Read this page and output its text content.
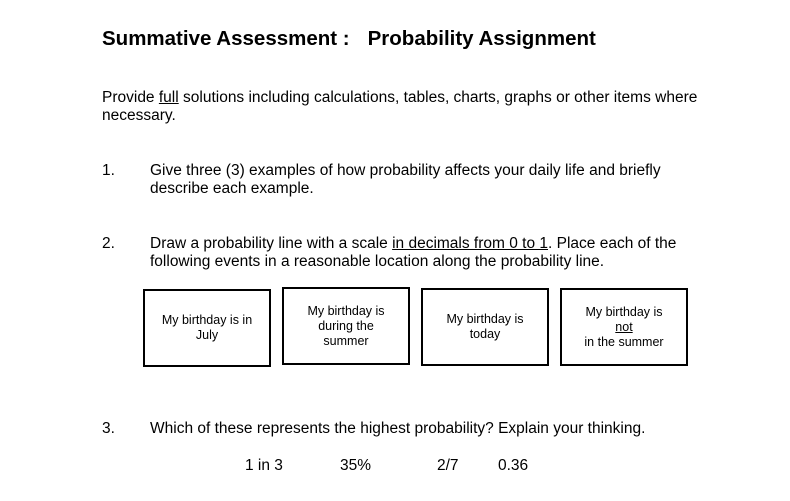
Summative Assessment : Probability Assignment
Provide full solutions including calculations, tables, charts, graphs or other items where necessary.
1. Give three (3) examples of how probability affects your daily life and briefly describe each example.
2. Draw a probability line with a scale in decimals from 0 to 1. Place each of the following events in a reasonable location along the probability line.
My birthday is in July
My birthday is during the summer
My birthday is today
My birthday is
not
in the summer
3. Which of these represents the highest probability? Explain your thinking.
1 in 3	35%	2/7	0.36
